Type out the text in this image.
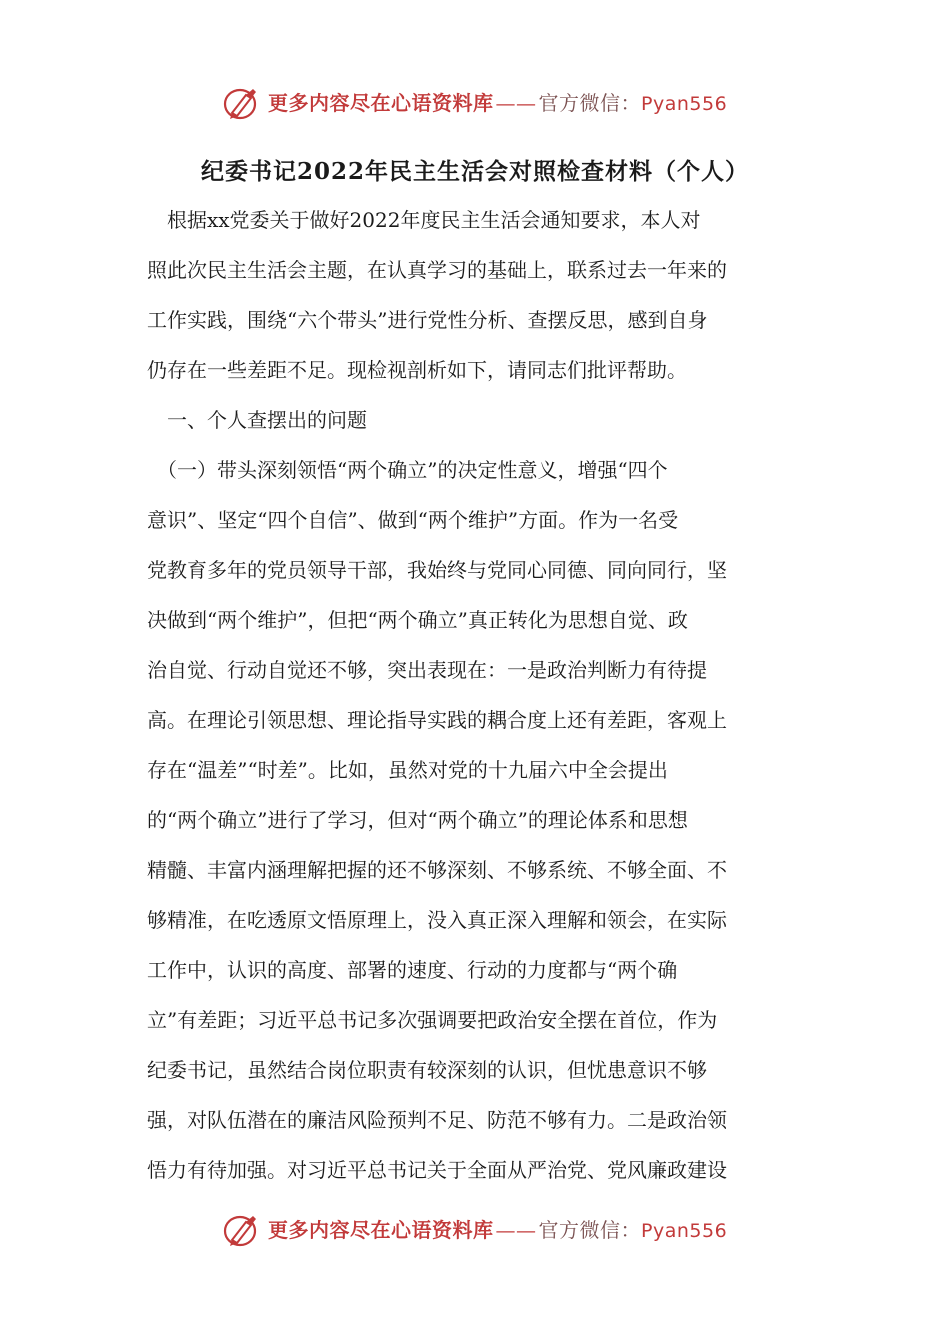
更多内容尽在心语资料库 —— 官方微信：Pyan556
纪委书记2022年民主生活会对照检查材料（个人）
　根据xx党委关于做好2022年度民主生活会通知要求，本人对
照此次民主生活会主题，在认真学习的基础上，联系过去一年来的
工作实践，围绕“六个带头”进行党性分析、查摆反思，感到自身
仍存在一些差距不足。现检视剖析如下，请同志们批评帮助。
　一、个人查摆出的问题
　（一）带头深刻领悟“两个确立”的决定性意义，增强“四个
意识”、坚定“四个自信”、做到“两个维护”方面。作为一名受
党教育多年的党员领导干部，我始终与党同心同德、同向同行，坚
决做到“两个维护”，但把“两个确立”真正转化为思想自觉、政
治自觉、行动自觉还不够，突出表现在：一是政治判断力有待提
高。在理论引领思想、理论指导实践的耦合度上还有差距，客观上
存在“温差”“时差”。比如，虽然对党的十九届六中全会提出
的“两个确立”进行了学习，但对“两个确立”的理论体系和思想
精髓、丰富内涵理解把握的还不够深刻、不够系统、不够全面、不
够精准，在吃透原文悟原理上，没入真正深入理解和领会，在实际
工作中，认识的高度、部署的速度、行动的力度都与“两个确
立”有差距；习近平总书记多次强调要把政治安全摆在首位，作为
纪委书记，虽然结合岗位职责有较深刻的认识，但忧患意识不够
强，对队伍潜在的廉洁风险预判不足、防范不够有力。二是政治领
悟力有待加强。对习近平总书记关于全面从严治党、党风廉政建设
更多内容尽在心语资料库 —— 官方微信：Pyan556
